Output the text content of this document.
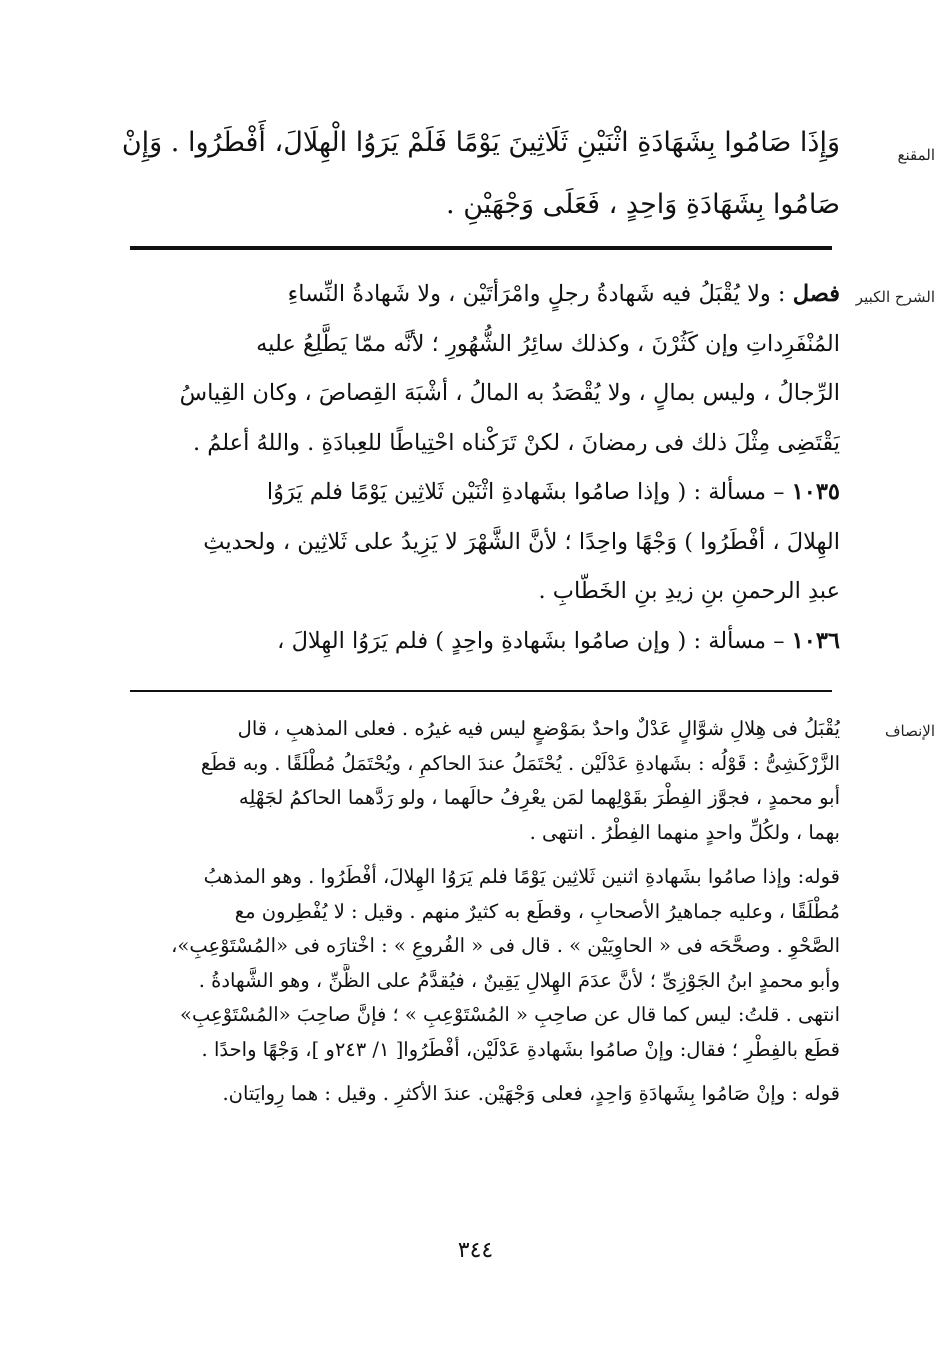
المقنع
وَإِذَا صَامُوا بِشَهَادَةِ اثْنَيْنِ ثَلَاثِينَ يَوْمًا فَلَمْ يَرَوُا الْهِلَالَ، أَفْطَرُوا . وَإِنْ
صَامُوا بِشَهَادَةِ وَاحِدٍ ، فَعَلَى وَجْهَيْنِ .
الشرح الكبير
فصل : ولا يُقْبَلُ فيه شَهادةُ رجلٍ وامْرَأتَيْن ، ولا شَهادةُ النِّساءِ
المُنْفَرِداتِ وإن كَثُرْنَ ، وكذلك سائِرُ الشُّهُورِ ؛ لأنَّه ممّا يَطَّلِعُ عليه
الرِّجالُ ، وليس بمالٍ ، ولا يُقْصَدُ به المالُ ، أشْبَهَ القِصاصَ ، وكان القِياسُ
يَقْتَضِى مِثْلَ ذلك فى رمضانَ ، لكنْ تَرَكْناه احْتِياطًا للعِبادَةِ . واللهُ أعلمُ .
١٠٣٥ – مسألة : ( وإذا صامُوا بشَهادةِ اثْنَيْن ثَلاثِين يَوْمًا فلم يَرَوُا
الهِلالَ ، أفْطَرُوا ) وَجْهًا واحِدًا ؛ لأنَّ الشَّهْرَ لا يَزِيدُ على ثَلاثِين ، ولحديثِ
عبدِ الرحمنِ بنِ زيدِ بنِ الخَطّابِ .
١٠٣٦ – مسألة : ( وإن صامُوا بشَهادةِ واحِدٍ ) فلم يَرَوُا الهِلالَ ،
الإنصاف
يُقْبَلُ فى هِلالِ شوَّالٍ عَدْلٌ واحدٌ بمَوْضعٍ ليس فيه غيرُه . فعلى المذهبِ ، قال
الزَّرْكَشِىُّ : قَوْلُه : بشَهادةِ عَدْلَيْن . يُحْتَمَلُ عندَ الحاكمِ ، ويُحْتَمَلُ مُطْلَقًا . وبه قطَع
أبو محمدٍ ، فجوَّز الفِطْرَ بقَوْلِهما لمَن يعْرِفُ حالَهما ، ولو رَدَّهما الحاكمُ لجَهْلِه
بهما ، ولكُلِّ واحدٍ منهما الفِطْرُ . انتهى .
قوله: وإذا صامُوا بشَهادةِ اثنين ثَلاثِين يَوْمًا فلم يَرَوُا الهِلالَ، أفْطَرُوا . وهو المذهبُ
مُطْلَقًا ، وعليه جماهيرُ الأصحابِ ، وقطَع به كثيرٌ منهم . وقيل : لا يُفْطِرون مع
الصَّحْوِ . وصحَّحَه فى « الحاوِيَيْن » . قال فى « الفُروعِ » : اخْتارَه فى «المُسْتَوْعِبِ»،
وأبو محمدٍ ابنُ الجَوْزِىِّ ؛ لأنَّ عدَمَ الهِلالِ يَقِينٌ ، فيُقدَّمُ على الظَّنِّ ، وهو الشَّهادةُ .
انتهى . قلتُ: ليس كما قال عن صاحِبِ « المُسْتَوْعِبِ » ؛ فإنَّ صاحِبَ «المُسْتَوْعِبِ»
قطَع بالفِطْرِ ؛ فقال: وإنْ صامُوا بشَهادةِ عَدْلَيْن، أفْطَرُوا[ ١/ ٢٤٣و ]، وَجْهًا واحدًا .
قوله : وإنْ صَامُوا بِشَهادَةِ وَاحِدٍ، فعلى وَجْهَيْن. عندَ الأكثرِ . وقيل : هما رِوايَتان.
٣٤٤
